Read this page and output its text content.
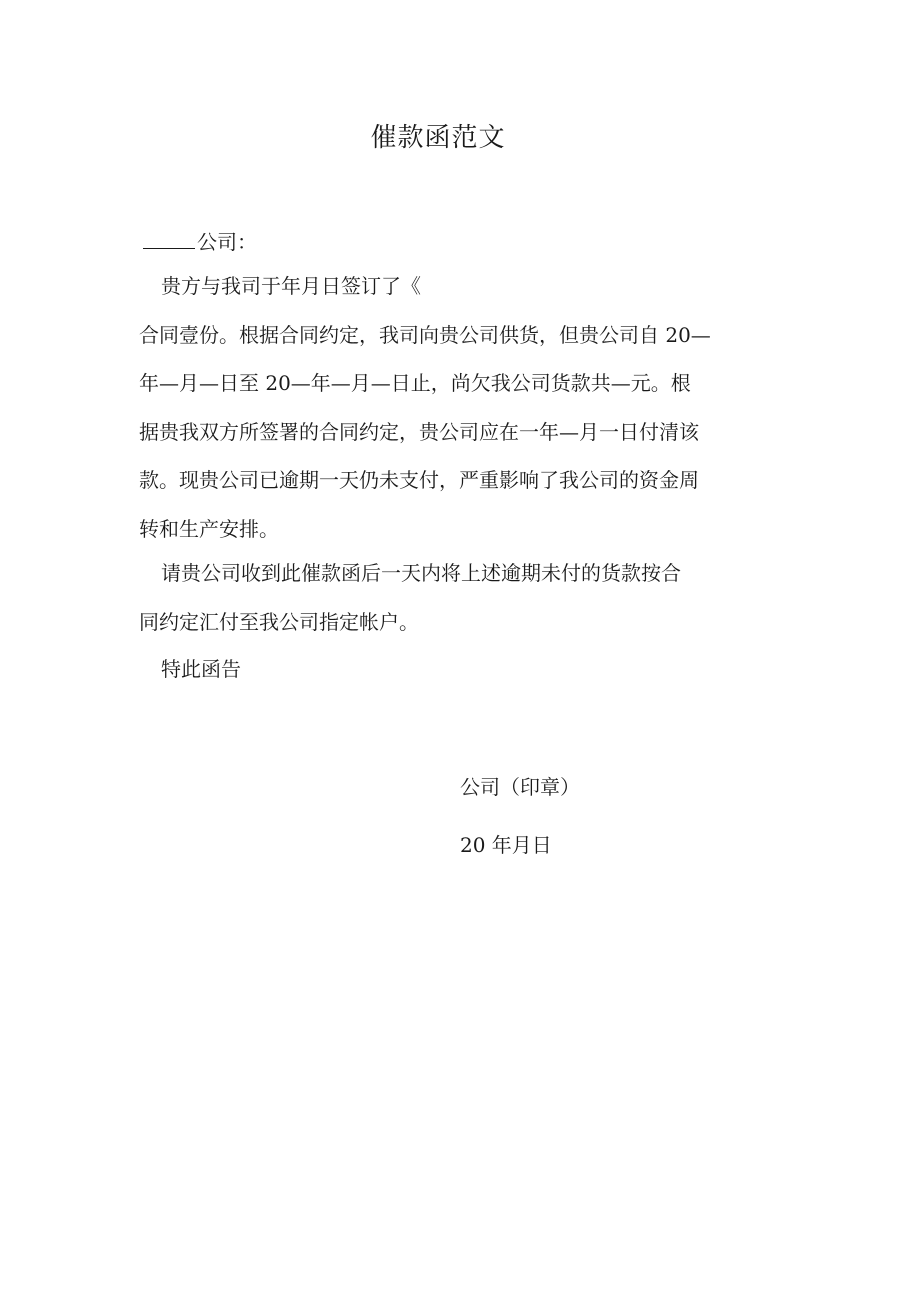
催款函范文
公司：
贵方与我司于年月日签订了《
合同壹份。根据合同约定，我司向贵公司供货，但贵公司自 20—
年—月—日至 20—年—月—日止，尚欠我公司货款共—元。根
据贵我双方所签署的合同约定，贵公司应在一年—月一日付清该
款。现贵公司已逾期一天仍未支付，严重影响了我公司的资金周
转和生产安排。
请贵公司收到此催款函后一天内将上述逾期未付的货款按合
同约定汇付至我公司指定帐户。
特此函告
公司（印章）
20 年月日
